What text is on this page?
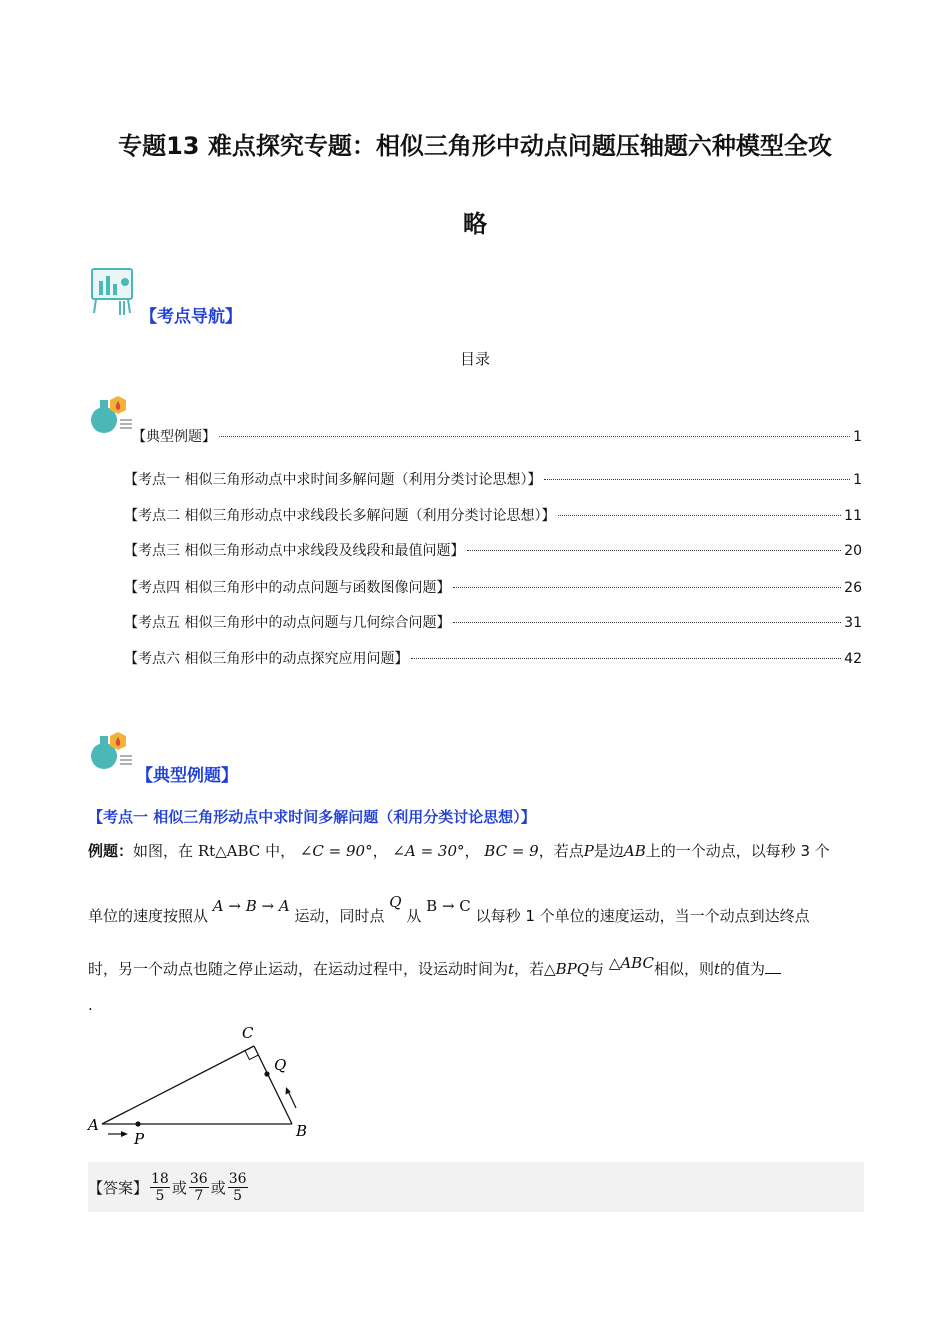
专题13 难点探究专题：相似三角形中动点问题压轴题六种模型全攻
略
【考点导航】
目录
【典型例题】	1
【考点一 相似三角形动点中求时间多解问题（利用分类讨论思想）】	1
【考点二 相似三角形动点中求线段长多解问题（利用分类讨论思想）】	11
【考点三 相似三角形动点中求线段及线段和最值问题】	20
【考点四 相似三角形中的动点问题与函数图像问题】	26
【考点五 相似三角形中的动点问题与几何综合问题】	31
【考点六 相似三角形中的动点探究应用问题】	42
【典型例题】
【考点一 相似三角形动点中求时间多解问题（利用分类讨论思想）】
例题：如图，在 Rt△ABC 中， ∠C = 90°， ∠A = 30°， BC = 9，若点P是边AB上的一个动点，以每秒 3 个
单位的速度按照从 A → B → A 运动，同时点 Q 从 B → C 以每秒 1 个单位的速度运动，当一个动点到达终点
时，另一个动点也随之停止运动，在运动过程中，设运动时间为t，若△BPQ与 △ABC相似，则t的值为
.
A	B
C
P
Q
【答案】 $\frac{18}{5}$ 或 $\frac{36}{7}$ 或 $\frac{36}{5}$
